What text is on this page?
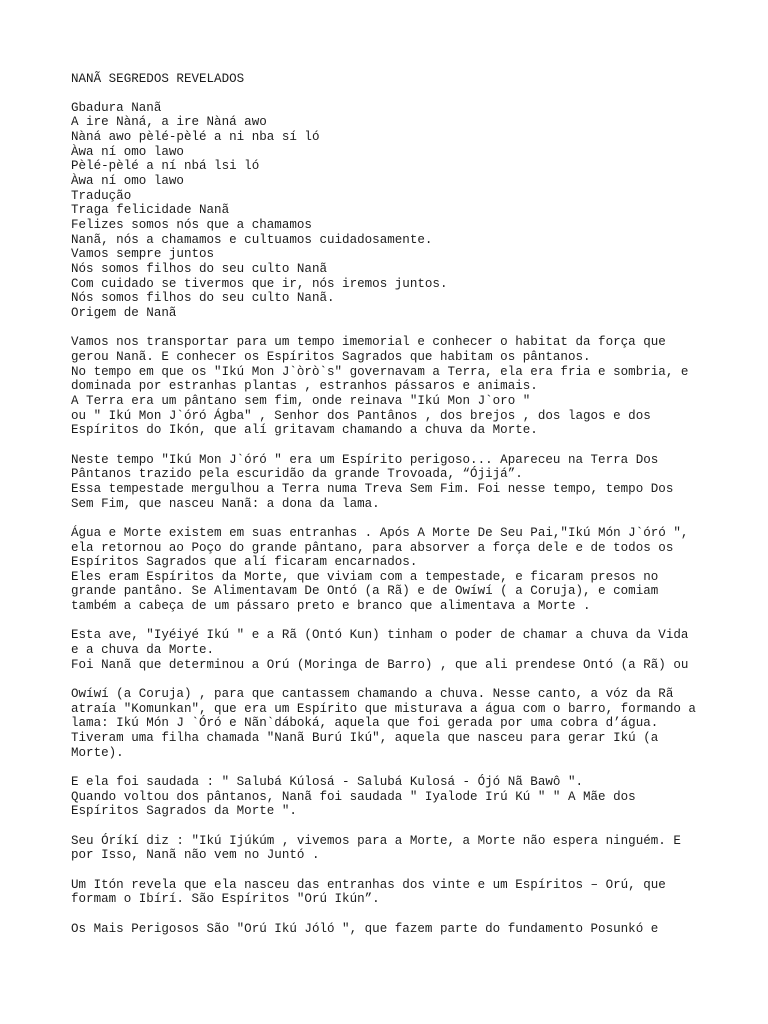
NANÃ SEGREDOS REVELADOS
Gbadura Nanã
A ire Nàná, a ire Nàná awo
Nàná awo pèlé-pèlé a ni nba sí ló
Àwa ní omo lawo
Pèlé-pèlé a ní nbá lsi ló
Àwa ní omo lawo
Tradução
Traga felicidade Nanã
Felizes somos nós que a chamamos
Nanã, nós a chamamos e cultuamos cuidadosamente.
Vamos sempre juntos
Nós somos filhos do seu culto Nanã
Com cuidado se tivermos que ir, nós iremos juntos.
Nós somos filhos do seu culto Nanã.
Origem de Nanã
Vamos nos transportar para um tempo imemorial e conhecer o habitat da força que
gerou Nanã. E conhecer os Espíritos Sagrados que habitam os pântanos.
No tempo em que os "Ikú Mon J`òrò`s" governavam a Terra, ela era fria e sombria, e
dominada por estranhas plantas , estranhos pássaros e animais.
A Terra era um pântano sem fim, onde reinava "Ikú Mon J`oro "
ou " Ikú Mon J`óró Ágba" , Senhor dos Pantânos , dos brejos , dos lagos e dos
Espíritos do Ikón, que alí gritavam chamando a chuva da Morte.
Neste tempo "Ikú Mon J`óró " era um Espírito perigoso... Apareceu na Terra Dos
Pântanos trazido pela escuridão da grande Trovoada, “Ójijá”.
Essa tempestade mergulhou a Terra numa Treva Sem Fim. Foi nesse tempo, tempo Dos
Sem Fim, que nasceu Nanã: a dona da lama.
Água e Morte existem em suas entranhas . Após A Morte De Seu Pai,"Ikú Món J`óró ",
ela retornou ao Poço do grande pântano, para absorver a força dele e de todos os
Espíritos Sagrados que alí ficaram encarnados.
Eles eram Espíritos da Morte, que viviam com a tempestade, e ficaram presos no
grande pantâno. Se Alimentavam De Ontó (a Rã) e de Owíwí ( a Coruja), e comiam
também a cabeça de um pássaro preto e branco que alimentava a Morte .
Esta ave, "Iyéiyé Ikú " e a Rã (Ontó Kun) tinham o poder de chamar a chuva da Vida
e a chuva da Morte.
Foi Nanã que determinou a Orú (Moringa de Barro) , que ali prendese Ontó (a Rã) ou
Owíwí (a Coruja) , para que cantassem chamando a chuva. Nesse canto, a vóz da Rã
atraía "Komunkan", que era um Espírito que misturava a água com o barro, formando a
lama: Ikú Món J `Óró e Nãn`dáboká, aquela que foi gerada por uma cobra d’água.
Tiveram uma filha chamada "Nanã Burú Ikú", aquela que nasceu para gerar Ikú (a
Morte).
E ela foi saudada : " Salubá Kúlosá - Salubá Kulosá - Ójó Nã Bawô ".
Quando voltou dos pântanos, Nanã foi saudada " Iyalode Irú Kú " " A Mãe dos
Espíritos Sagrados da Morte ".
Seu Óríkí diz : "Ikú Ijúkúm , vivemos para a Morte, a Morte não espera ninguém. E
por Isso, Nanã não vem no Juntó .
Um Itón revela que ela nasceu das entranhas dos vinte e um Espíritos – Orú, que
formam o Ibírí. São Espíritos "Orú Ikún”.
Os Mais Perigosos São "Orú Ikú Jóló ", que fazem parte do fundamento Posunkó e
